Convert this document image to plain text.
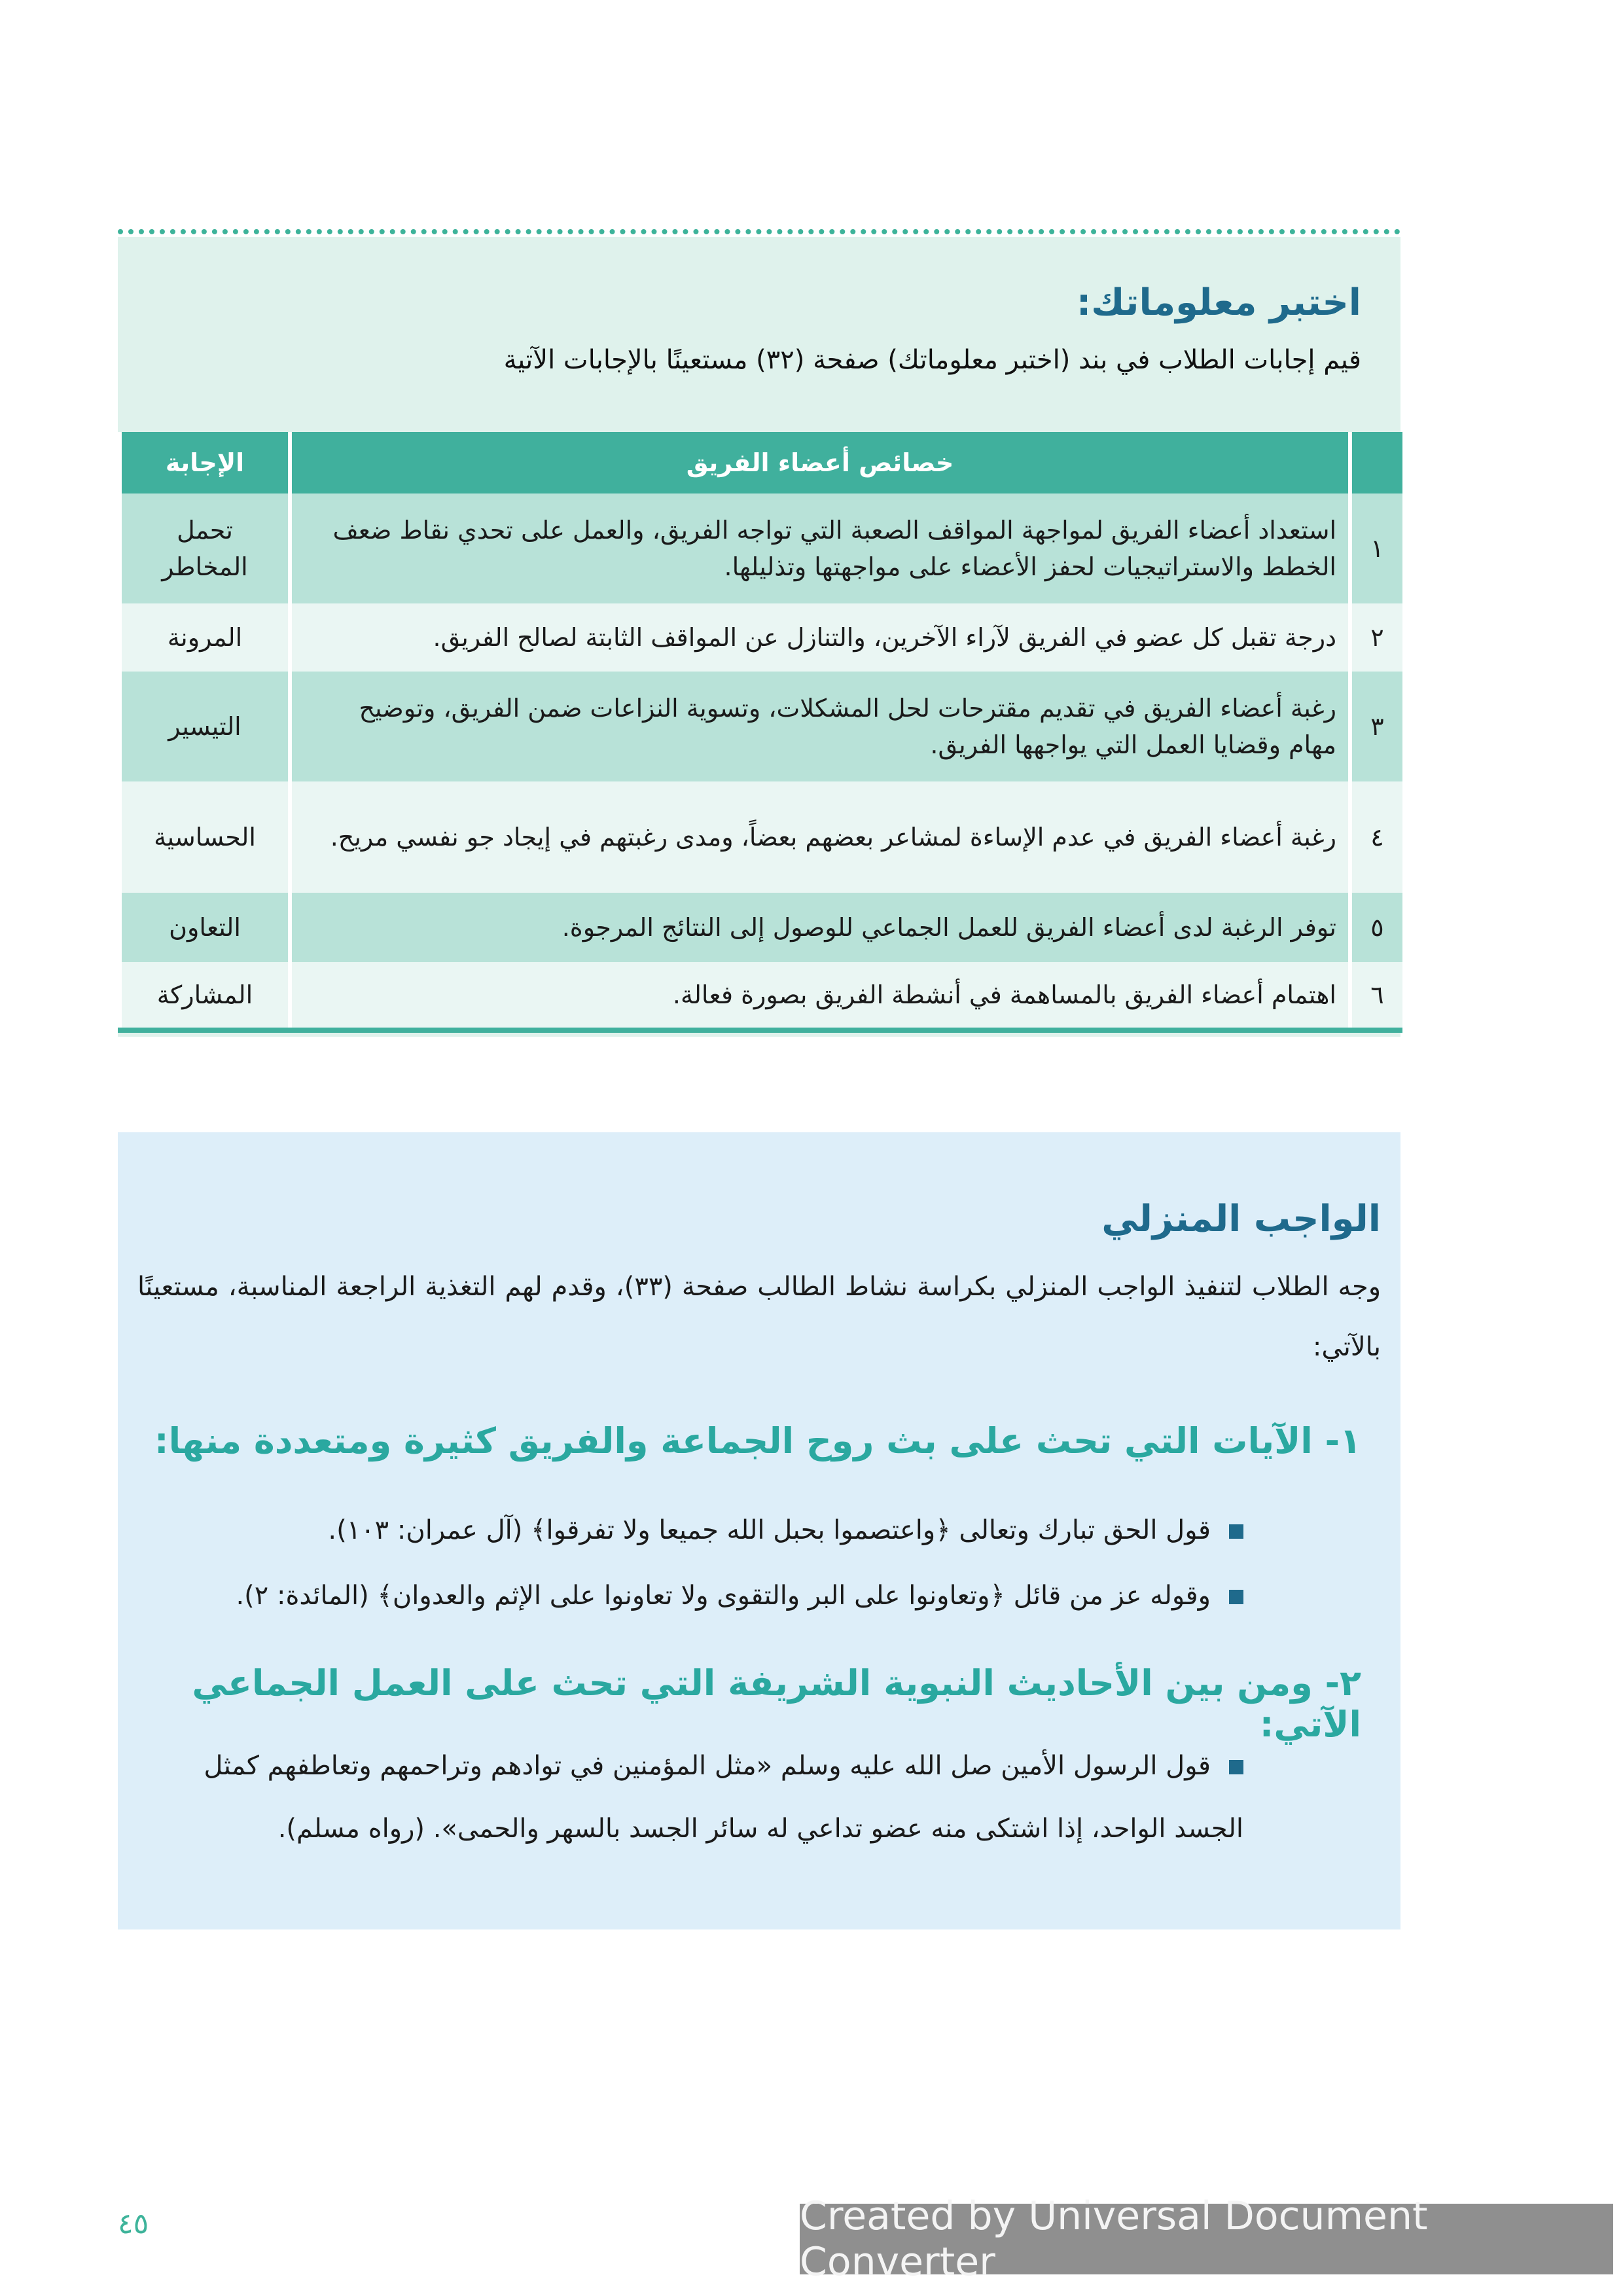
اختبر معلوماتك:
قيم إجابات الطلاب في بند (اختبر معلوماتك) صفحة (٣٢) مستعينًا بالإجابات الآتية
	خصائص أعضاء الفريق	الإجابة
١	استعداد أعضاء الفريق لمواجهة المواقف الصعبة التي تواجه الفريق، والعمل على تحدي نقاط ضعف الخطط والاستراتيجيات لحفز الأعضاء على مواجهتها وتذليلها.	تحمل المخاطر
٢	درجة تقبل كل عضو في الفريق لآراء الآخرين، والتنازل عن المواقف الثابتة لصالح الفريق.	المرونة
٣	رغبة أعضاء الفريق في تقديم مقترحات لحل المشكلات، وتسوية النزاعات ضمن الفريق، وتوضيح مهام وقضايا العمل التي يواجهها الفريق.	التيسير
٤	رغبة أعضاء الفريق في عدم الإساءة لمشاعر بعضهم بعضاً، ومدى رغبتهم في إيجاد جو نفسي مريح.	الحساسية
٥	توفر الرغبة لدى أعضاء الفريق للعمل الجماعي للوصول إلى النتائج المرجوة.	التعاون
٦	اهتمام أعضاء الفريق بالمساهمة في أنشطة الفريق بصورة فعالة.	المشاركة
الواجب المنزلي
وجه الطلاب لتنفيذ الواجب المنزلي بكراسة نشاط الطالب صفحة (٣٣)، وقدم لهم التغذية الراجعة المناسبة، مستعينًا بالآتي:
١- الآيات التي تحث على بث روح الجماعة والفريق كثيرة ومتعددة منها:
قول الحق تبارك وتعالى ﴿واعتصموا بحبل الله جميعا ولا تفرقوا﴾ (آل عمران: ١٠٣).
وقوله عز من قائل ﴿وتعاونوا على البر والتقوى ولا تعاونوا على الإثم والعدوان﴾ (المائدة: ٢).
٢- ومن بين الأحاديث النبوية الشريفة التي تحث على العمل الجماعي الآتي:
قول الرسول الأمين صل الله عليه وسلم «مثل المؤمنين في توادهم وتراحمهم وتعاطفهم كمثل الجسد الواحد، إذا اشتكى منه عضو تداعي له سائر الجسد بالسهر والحمى». (رواه مسلم).
٤٥	Created by Universal Document Converter
